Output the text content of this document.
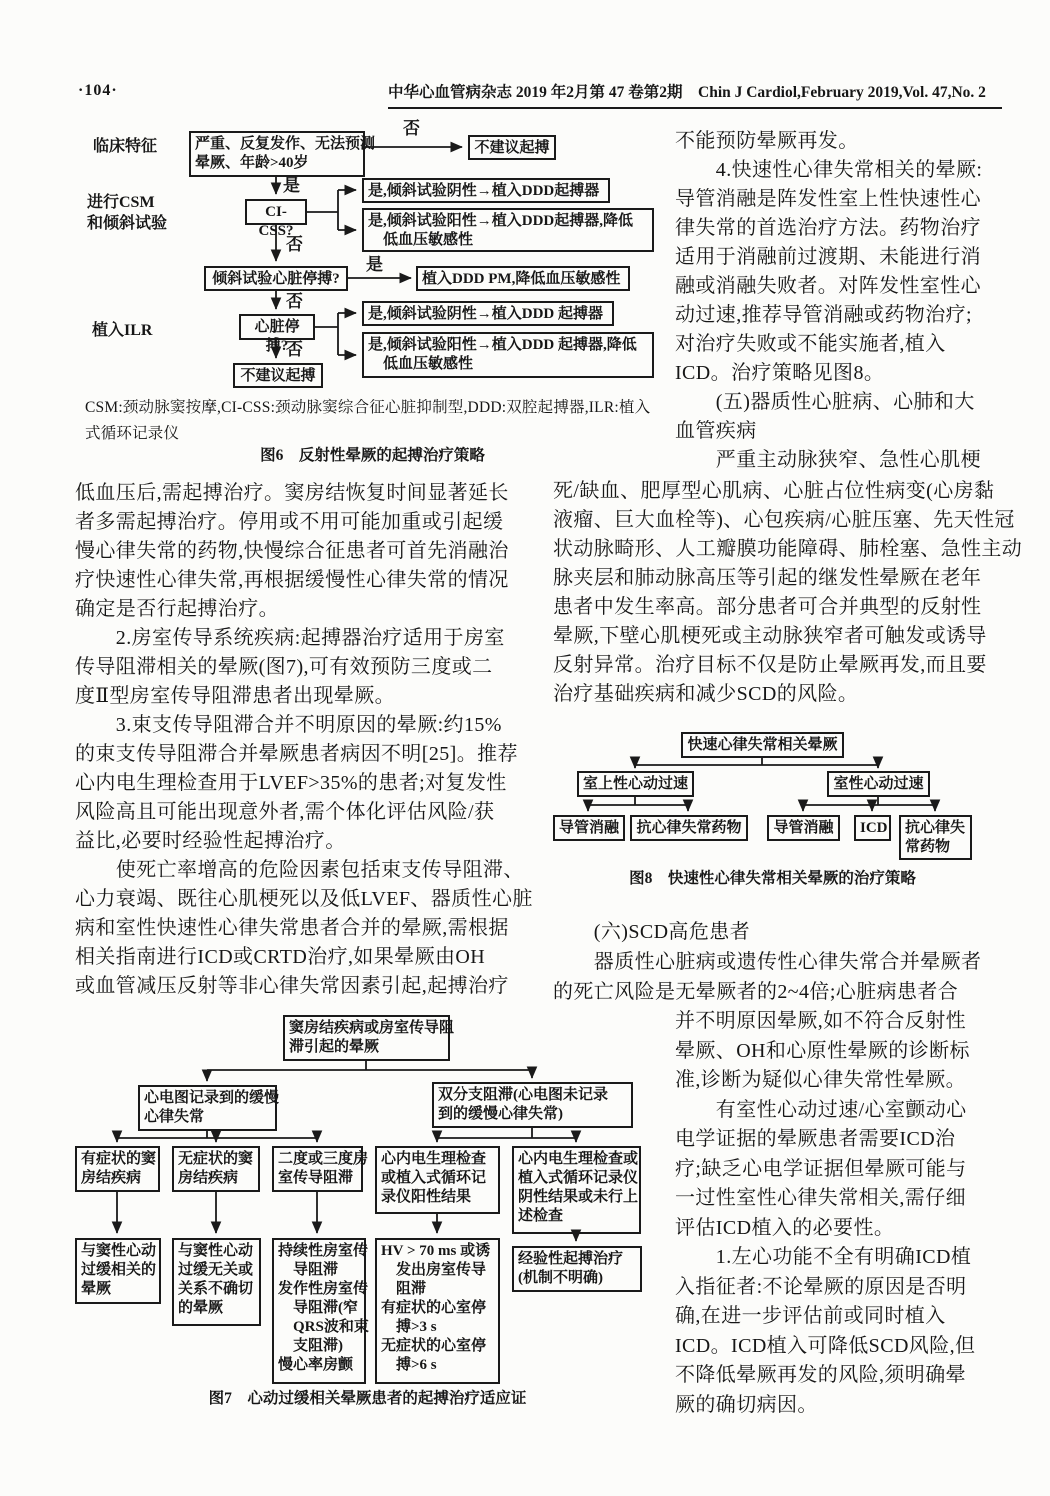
·104·	中华心血管病杂志 2019 年2月第 47 卷第2期　Chin J Cardiol,February 2019,Vol. 47,No. 2
临床特征
进行CSM
和倾斜试验
植入ILR
严重、反复发作、无法预测
晕厥、年龄>40岁
不建议起搏
CI-CSS?
是,倾斜试验阴性→植入DDD起搏器
是,倾斜试验阳性→植入DDD起搏器,降低
　低血压敏感性
倾斜试验心脏停搏?	植入DDD PM,降低血压敏感性
心脏停搏?
是,倾斜试验阴性→植入DDD 起搏器
是,倾斜试验阳性→植入DDD 起搏器,降低
　低血压敏感性
不建议起搏
否
是
否
是
否
否
CSM:颈动脉窦按摩,CI-CSS:颈动脉窦综合征心脏抑制型,DDD:双腔起搏器,ILR:植入
式循环记录仪
图6　反射性晕厥的起搏治疗策略
低血压后,需起搏治疗。窦房结恢复时间显著延长
者多需起搏治疗。停用或不用可能加重或引起缓
慢心律失常的药物,快慢综合征患者可首先消融治
疗快速性心律失常,再根据缓慢性心律失常的情况
确定是否行起搏治疗。
　　2.房室传导系统疾病:起搏器治疗适用于房室
传导阻滞相关的晕厥(图7),可有效预防三度或二
度Ⅱ型房室传导阻滞患者出现晕厥。
　　3.束支传导阻滞合并不明原因的晕厥:约15%
的束支传导阻滞合并晕厥患者病因不明[25]。推荐
心内电生理检查用于LVEF>35%的患者;对复发性
风险高且可能出现意外者,需个体化评估风险/获
益比,必要时经验性起搏治疗。
　　使死亡率增高的危险因素包括束支传导阻滞、
心力衰竭、既往心肌梗死以及低LVEF、器质性心脏
病和室性快速性心律失常患者合并的晕厥,需根据
相关指南进行ICD或CRTD治疗,如果晕厥由OH
或血管减压反射等非心律失常因素引起,起搏治疗
不能预防晕厥再发。
　　4.快速性心律失常相关的晕厥:
导管消融是阵发性室上性快速性心
律失常的首选治疗方法。药物治疗
适用于消融前过渡期、未能进行消
融或消融失败者。对阵发性室性心
动过速,推荐导管消融或药物治疗;
对治疗失败或不能实施者,植入
ICD。治疗策略见图8。
　　(五)器质性心脏病、心肺和大
血管疾病
　　严重主动脉狭窄、急性心肌梗
死/缺血、肥厚型心肌病、心脏占位性病变(心房黏
液瘤、巨大血栓等)、心包疾病/心脏压塞、先天性冠
状动脉畸形、人工瓣膜功能障碍、肺栓塞、急性主动
脉夹层和肺动脉高压等引起的继发性晕厥在老年
患者中发生率高。部分患者可合并典型的反射性
晕厥,下壁心肌梗死或主动脉狭窄者可触发或诱导
反射异常。治疗目标不仅是防止晕厥再发,而且要
治疗基础疾病和减少SCD的风险。
　　(六)SCD高危患者
　　器质性心脏病或遗传性心律失常合并晕厥者
的死亡风险是无晕厥者的2~4倍;心脏病患者合
并不明原因晕厥,如不符合反射性
晕厥、OH和心原性晕厥的诊断标
准,诊断为疑似心律失常性晕厥。
　　有室性心动过速/心室颤动心
电学证据的晕厥患者需要ICD治
疗;缺乏心电学证据但晕厥可能与
一过性室性心律失常相关,需仔细
评估ICD植入的必要性。
　　1.左心功能不全有明确ICD植
入指征者:不论晕厥的原因是否明
确,在进一步评估前或同时植入
ICD。ICD植入可降低SCD风险,但
不降低晕厥再发的风险,须明确晕
厥的确切病因。
快速心律失常相关晕厥
室上性心动过速	室性心动过速
导管消融	抗心律失常药物	导管消融	ICD 抗心律失
常药物
图8　快速性心律失常相关晕厥的治疗策略
窦房结疾病或房室传导阻
滞引起的晕厥
心电图记录到的缓慢
心律失常
双分支阻滞(心电图未记录
到的缓慢心律失常)
有症状的窦
房结疾病
无症状的窦
房结疾病
二度或三度房
室传导阻滞
心内电生理检查
或植入式循环记
录仪阳性结果
心内电生理检查或
植入式循环记录仪
阴性结果或未行上
述检查
与窦性心动
过缓相关的
晕厥
与窦性心动
过缓无关或
关系不确切
的晕厥
持续性房室传
　导阻滞
发作性房室传
　导阻滞(窄
　QRS波和束
　支阻滞)
慢心率房颤
HV > 70 ms 或诱
　发出房室传导
　阻滞
有症状的心室停
　搏>3 s
无症状的心室停
　搏>6 s
经验性起搏治疗
(机制不明确)
图7　心动过缓相关晕厥患者的起搏治疗适应证
